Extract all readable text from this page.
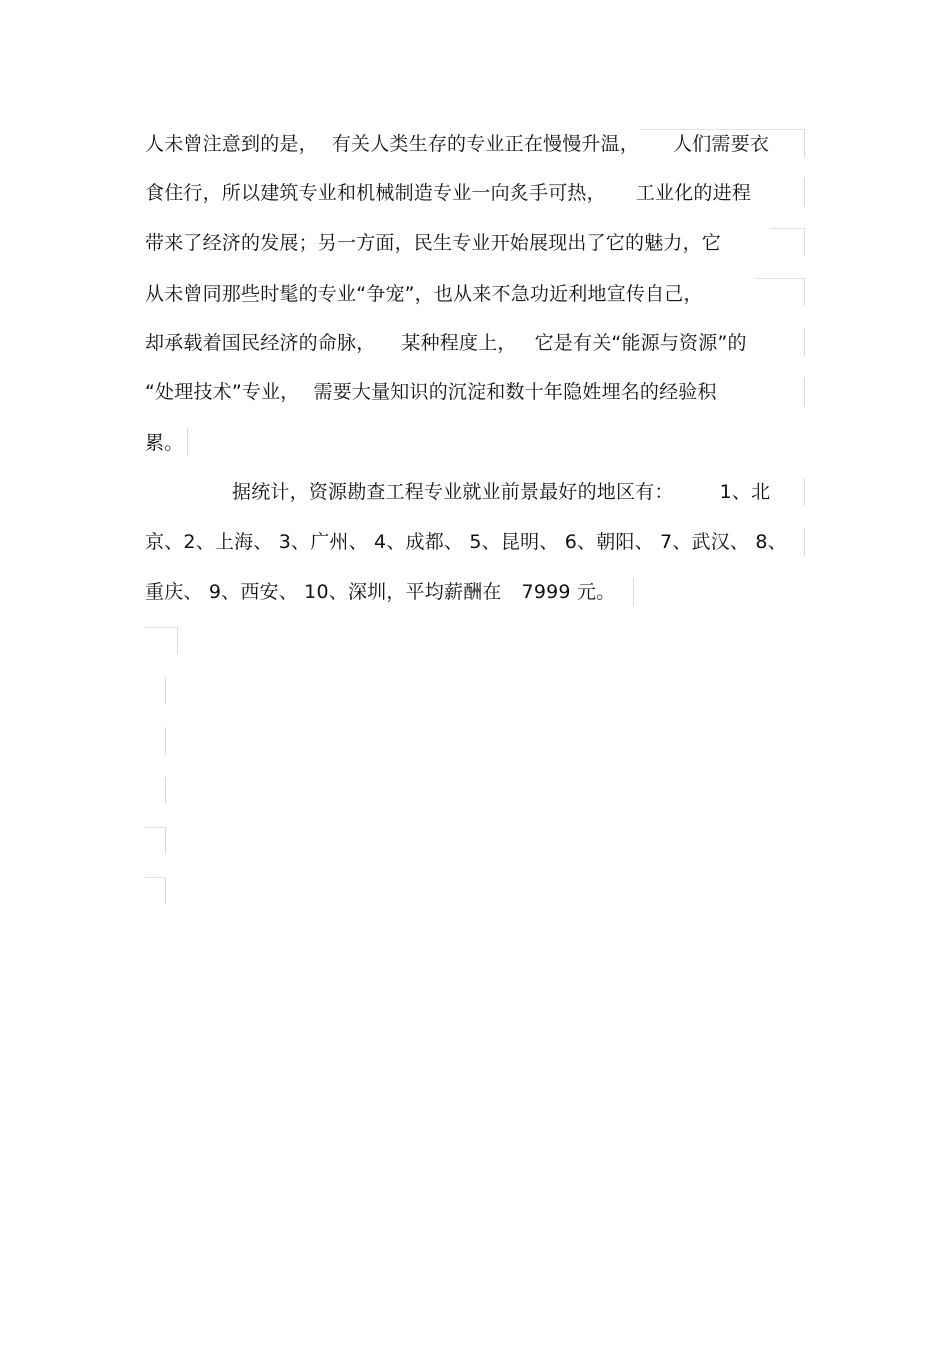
人未曾注意到的是， 有关人类生存的专业正在慢慢升温， 人们需要衣
食住行，所以建筑专业和机械制造专业一向炙手可热， 工业化的进程
带来了经济的发展；另一方面，民生专业开始展现出了它的魅力，它
从未曾同那些时髦的专业“争宠”，也从来不急功近利地宣传自己，
却承载着国民经济的命脉， 某种程度上， 它是有关“能源与资源”的
“处理技术”专业， 需要大量知识的沉淀和数十年隐姓埋名的经验积
累。
据统计，资源勘查工程专业就业前景最好的地区有： 1、北
京、2、上海、 3、广州、 4、成都、 5、昆明、 6、朝阳、 7、武汉、 8、
重庆、 9、西安、 10、深圳，平均薪酬在 7999 元。
